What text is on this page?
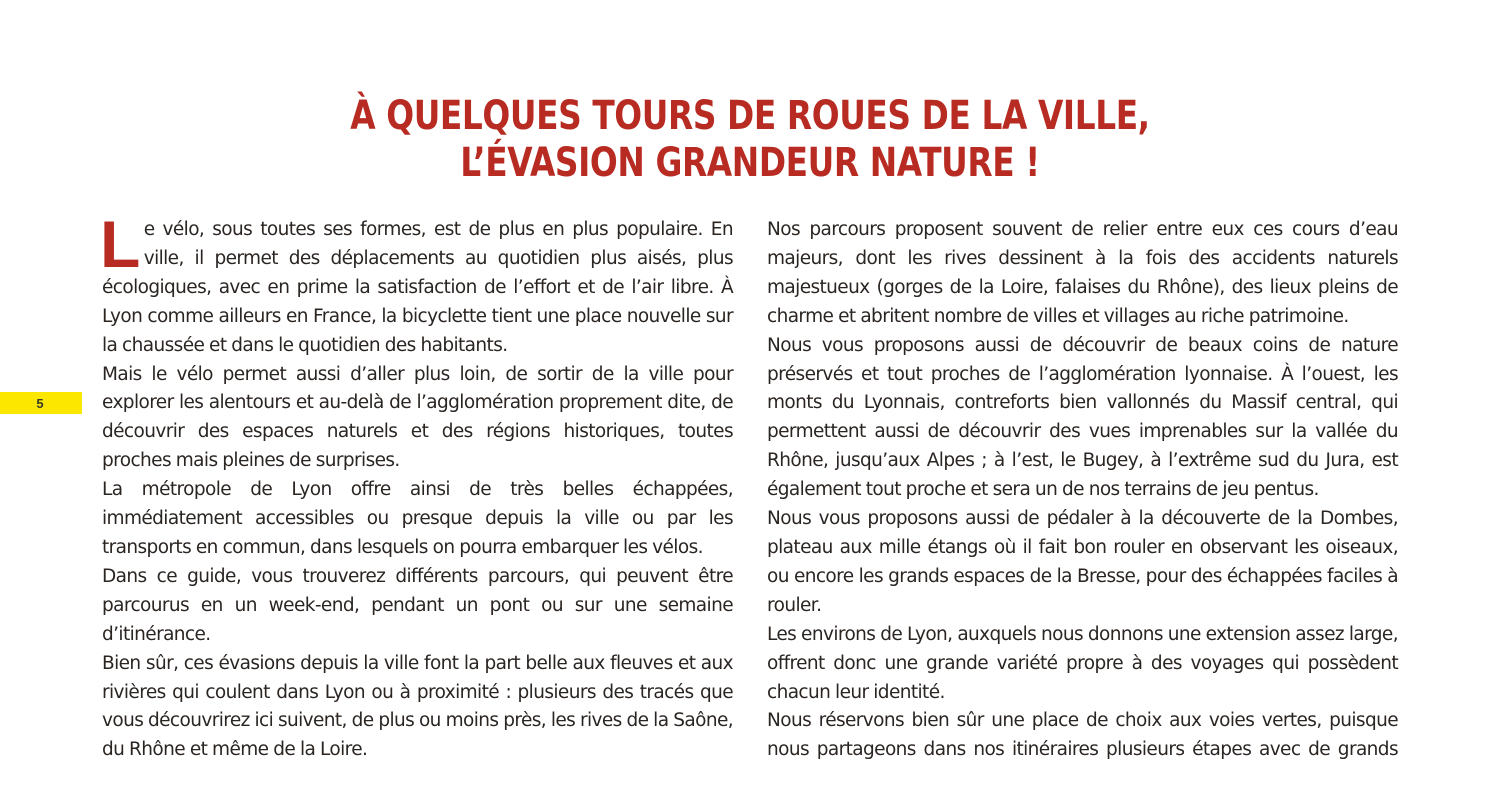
À QUELQUES TOURS DE ROUES DE LA VILLE,
L’ÉVASION GRANDEUR NATURE !
5

Le vélo, sous toutes ses formes, est de plus en plus populaire. En ville, il permet des déplacements au quotidien plus aisés, plus écologiques, avec en prime la satisfaction de l’effort et de l’air libre. À Lyon comme ailleurs en France, la bicyclette tient une place nouvelle sur la chaussée et dans le quotidien des habitants.

Mais le vélo permet aussi d’aller plus loin, de sortir de la ville pour explorer les alentours et au-delà de l’agglomération proprement dite, de découvrir des espaces naturels et des régions historiques, toutes proches mais pleines de surprises.

La métropole de Lyon offre ainsi de très belles échappées, immédiatement accessibles ou presque depuis la ville ou par les transports en commun, dans lesquels on pourra embarquer les vélos.

Dans ce guide, vous trouverez différents parcours, qui peuvent être parcourus en un week-end, pendant un pont ou sur une semaine d’itinérance.

Bien sûr, ces évasions depuis la ville font la part belle aux fleuves et aux rivières qui coulent dans Lyon ou à proximité : plusieurs des tracés que vous découvrirez ici suivent, de plus ou moins près, les rives de la Saône, du Rhône et même de la Loire.

Nos parcours proposent souvent de relier entre eux ces cours d’eau majeurs, dont les rives dessinent à la fois des accidents naturels majestueux (gorges de la Loire, falaises du Rhône), des lieux pleins de charme et abritent nombre de villes et villages au riche patrimoine.

Nous vous proposons aussi de découvrir de beaux coins de nature préservés et tout proches de l’agglomération lyonnaise. À l’ouest, les monts du Lyonnais, contreforts bien vallonnés du Massif central, qui permettent aussi de découvrir des vues imprenables sur la vallée du Rhône, jusqu’aux Alpes ; à l’est, le Bugey, à l’extrême sud du Jura, est également tout proche et sera un de nos terrains de jeu pentus.

Nous vous proposons aussi de pédaler à la découverte de la Dombes, plateau aux mille étangs où il fait bon rouler en observant les oiseaux, ou encore les grands espaces de la Bresse, pour des échappées faciles à rouler.

Les environs de Lyon, auxquels nous donnons une extension assez large, offrent donc une grande variété propre à des voyages qui possèdent chacun leur identité.

Nous réservons bien sûr une place de choix aux voies vertes, puisque nous partageons dans nos itinéraires plusieurs étapes avec de grands
